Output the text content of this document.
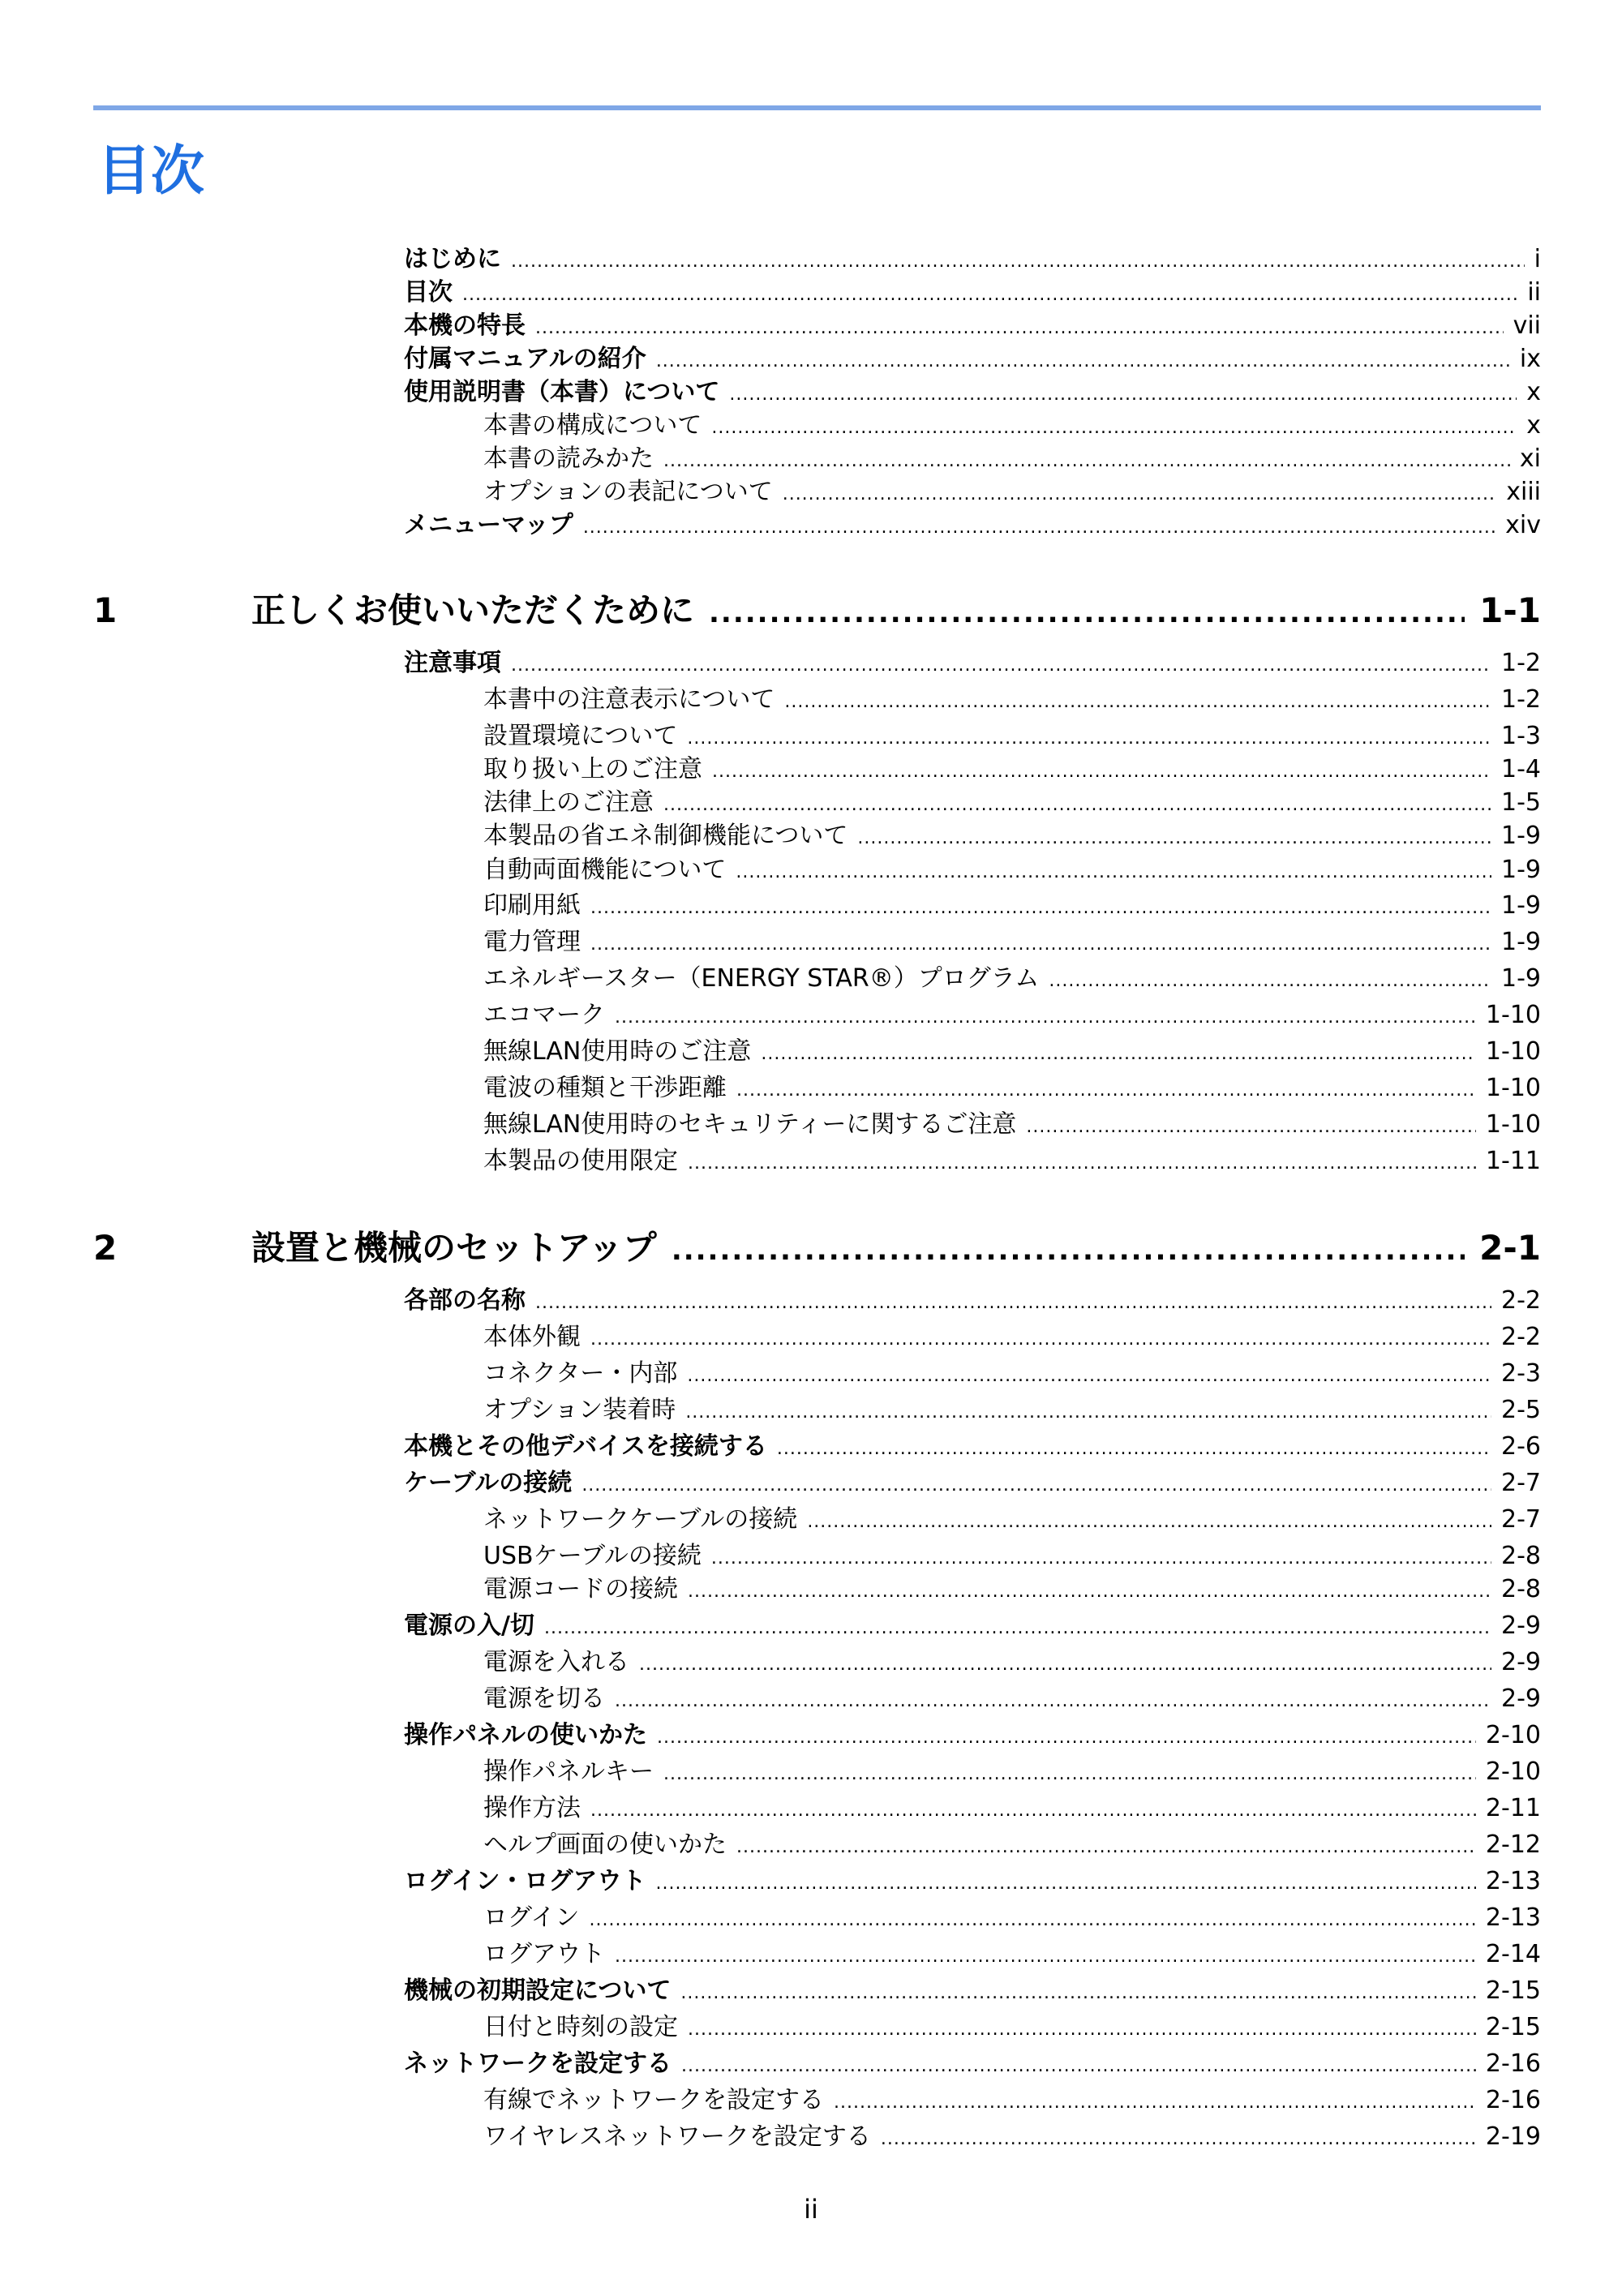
目次
はじめに .....	i
目次 .....	ii
本機の特長 .....	vii
付属マニュアルの紹介 .....	ix
使用説明書（本書）について .....	x
本書の構成について .....	x
本書の読みかた .....	xi
オプションの表記について .....	xiii
メニューマップ .....	xiv
1	正しくお使いいただくために .....	1-1
注意事項 .....	1-2
本書中の注意表示について .....	1-2
設置環境について .....	1-3
取り扱い上のご注意 .....	1-4
法律上のご注意 .....	1-5
本製品の省エネ制御機能について .....	1-9
自動両面機能について .....	1-9
印刷用紙 .....	1-9
電力管理 .....	1-9
エネルギースター（ENERGY STAR®）プログラム .....	1-9
エコマーク .....	1-10
無線LAN使用時のご注意 .....	1-10
電波の種類と干渉距離 .....	1-10
無線LAN使用時のセキュリティーに関するご注意 .....	1-10
本製品の使用限定 .....	1-11
2	設置と機械のセットアップ .....	2-1
各部の名称 .....	2-2
本体外観 .....	2-2
コネクター・内部 .....	2-3
オプション装着時 .....	2-5
本機とその他デバイスを接続する .....	2-6
ケーブルの接続 .....	2-7
ネットワークケーブルの接続 .....	2-7
USBケーブルの接続 .....	2-8
電源コードの接続 .....	2-8
電源の入/切 .....	2-9
電源を入れる .....	2-9
電源を切る .....	2-9
操作パネルの使いかた .....	2-10
操作パネルキー .....	2-10
操作方法 .....	2-11
ヘルプ画面の使いかた .....	2-12
ログイン・ログアウト .....	2-13
ログイン .....	2-13
ログアウト .....	2-14
機械の初期設定について .....	2-15
日付と時刻の設定 .....	2-15
ネットワークを設定する .....	2-16
有線でネットワークを設定する .....	2-16
ワイヤレスネットワークを設定する .....	2-19
ii
